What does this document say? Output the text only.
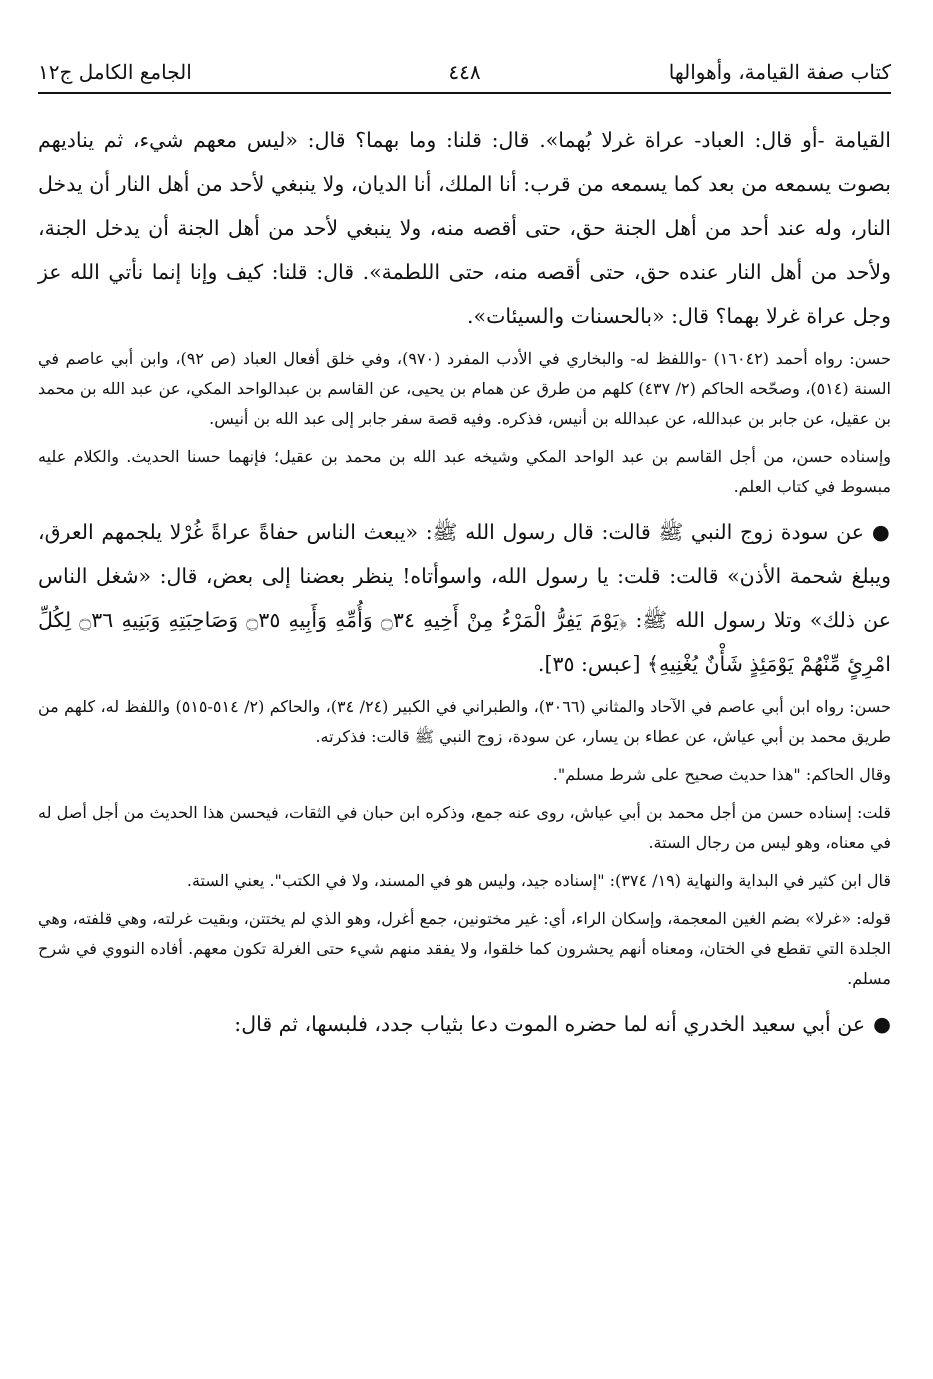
كتاب صفة القيامة، وأهوالها
٤٤٨
الجامع الكامل ج١٢

القيامة -أو قال: العباد- عراة غرلا بُهما». قال: قلنا: وما بهما؟ قال: «ليس معهم شيء، ثم يناديهم بصوت يسمعه من بعد كما يسمعه من قرب: أنا الملك، أنا الديان، ولا ينبغي لأحد من أهل النار أن يدخل النار، وله عند أحد من أهل الجنة حق، حتى أقصه منه، ولا ينبغي لأحد من أهل الجنة أن يدخل الجنة، ولأحد من أهل النار عنده حق، حتى أقصه منه، حتى اللطمة». قال: قلنا: كيف وإنا إنما نأتي الله عز وجل عراة غرلا بهما؟ قال: «بالحسنات والسيئات».

حسن: رواه أحمد (١٦٠٤٢) -واللفظ له- والبخاري في الأدب المفرد (٩٧٠)، وفي خلق أفعال العباد (ص ٩٢)، وابن أبي عاصم في السنة (٥١٤)، وصحّحه الحاكم (٢/ ٤٣٧) كلهم من طرق عن همام بن يحيى، عن القاسم بن عبدالواحد المكي، عن عبد الله بن محمد بن عقيل، عن جابر بن عبدالله، عن عبدالله بن أنيس، فذكره. وفيه قصة سفر جابر إلى عبد الله بن أنيس.

وإسناده حسن، من أجل القاسم بن عبد الواحد المكي وشيخه عبد الله بن محمد بن عقيل؛ فإنهما حسنا الحديث. والكلام عليه مبسوط في كتاب العلم.

●عن سودة زوج النبي ﷺ قالت: قال رسول الله ﷺ: «يبعث الناس حفاةً عراةً غُرْلا يلجمهم العرق، ويبلغ شحمة الأذن» قالت: قلت: يا رسول الله، واسوأتاه! ينظر بعضنا إلى بعض، قال: «شغل الناس عن ذلك» وتلا رسول الله ﷺ: ﴿يَوْمَ يَفِرُّ الْمَرْءُ مِنْ أَخِيهِ ۝٣٤ وَأُمِّهِ وَأَبِيهِ ۝٣٥ وَصَاحِبَتِهِ وَبَنِيهِ ۝٣٦ لِكُلِّ امْرِئٍ مِّنْهُمْ يَوْمَئِذٍ شَأْنٌ يُغْنِيهِ﴾ [عبس: ٣٥].

حسن: رواه ابن أبي عاصم في الآحاد والمثاني (٣٠٦٦)، والطبراني في الكبير (٢٤/ ٣٤)، والحاكم (٢/ ٥١٤-٥١٥) واللفظ له، كلهم من طريق محمد بن أبي عياش، عن عطاء بن يسار، عن سودة، زوج النبي ﷺ قالت: فذكرته.

وقال الحاكم: "هذا حديث صحيح على شرط مسلم".

قلت: إسناده حسن من أجل محمد بن أبي عياش، روى عنه جمع، وذكره ابن حبان في الثقات، فيحسن هذا الحديث من أجل أصل له في معناه، وهو ليس من رجال الستة.

قال ابن كثير في البداية والنهاية (١٩/ ٣٧٤): "إسناده جيد، وليس هو في المسند، ولا في الكتب". يعني الستة.

قوله: «غرلا» بضم الغين المعجمة، وإسكان الراء، أي: غير مختونين، جمع أغرل، وهو الذي لم يختتن، وبقيت غرلته، وهي قلفته، وهي الجلدة التي تقطع في الختان، ومعناه أنهم يحشرون كما خلقوا، ولا يفقد منهم شيء حتى الغرلة تكون معهم. أفاده النووي في شرح مسلم.

●عن أبي سعيد الخدري أنه لما حضره الموت دعا بثياب جدد، فلبسها، ثم قال:
